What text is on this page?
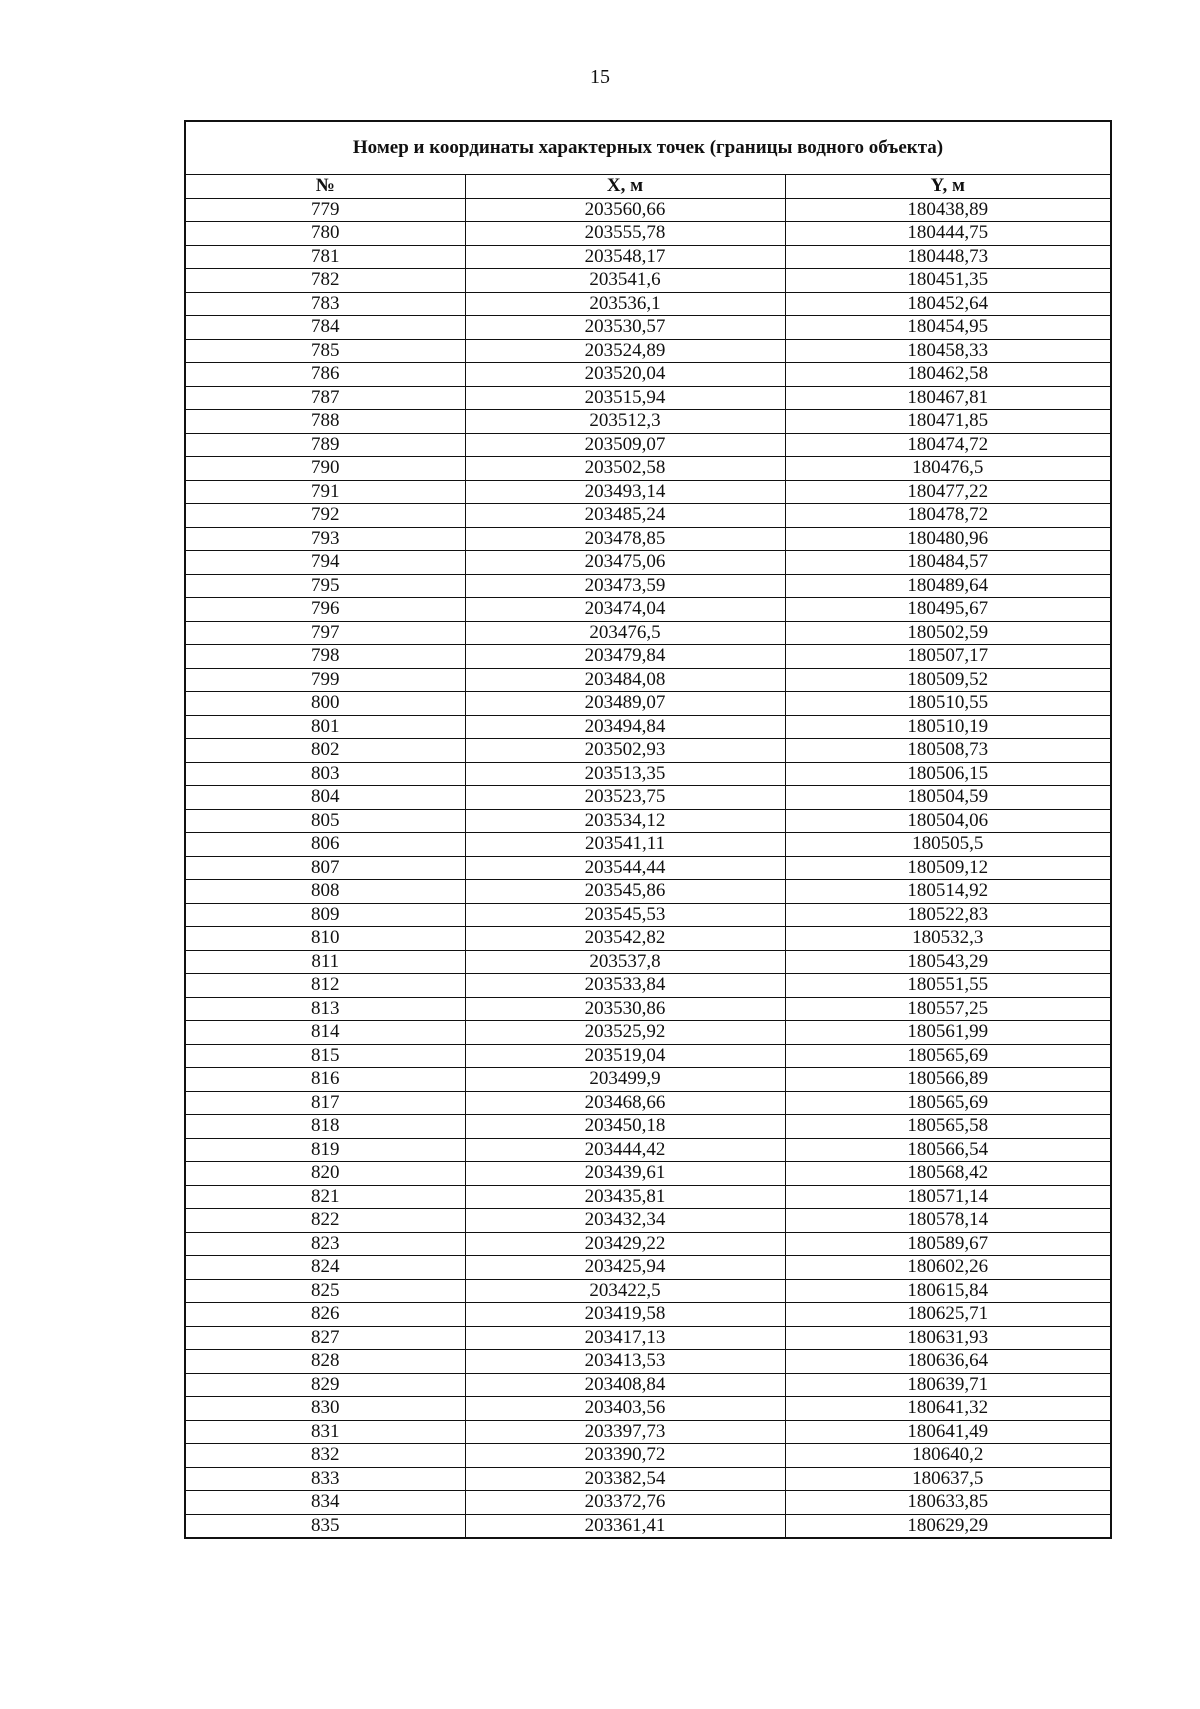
15
Номер и координаты характерных точек (границы водного объекта)		
№	X, м	Y, м
779	203560,66	180438,89
780	203555,78	180444,75
781	203548,17	180448,73
782	203541,6	180451,35
783	203536,1	180452,64
784	203530,57	180454,95
785	203524,89	180458,33
786	203520,04	180462,58
787	203515,94	180467,81
788	203512,3	180471,85
789	203509,07	180474,72
790	203502,58	180476,5
791	203493,14	180477,22
792	203485,24	180478,72
793	203478,85	180480,96
794	203475,06	180484,57
795	203473,59	180489,64
796	203474,04	180495,67
797	203476,5	180502,59
798	203479,84	180507,17
799	203484,08	180509,52
800	203489,07	180510,55
801	203494,84	180510,19
802	203502,93	180508,73
803	203513,35	180506,15
804	203523,75	180504,59
805	203534,12	180504,06
806	203541,11	180505,5
807	203544,44	180509,12
808	203545,86	180514,92
809	203545,53	180522,83
810	203542,82	180532,3
811	203537,8	180543,29
812	203533,84	180551,55
813	203530,86	180557,25
814	203525,92	180561,99
815	203519,04	180565,69
816	203499,9	180566,89
817	203468,66	180565,69
818	203450,18	180565,58
819	203444,42	180566,54
820	203439,61	180568,42
821	203435,81	180571,14
822	203432,34	180578,14
823	203429,22	180589,67
824	203425,94	180602,26
825	203422,5	180615,84
826	203419,58	180625,71
827	203417,13	180631,93
828	203413,53	180636,64
829	203408,84	180639,71
830	203403,56	180641,32
831	203397,73	180641,49
832	203390,72	180640,2
833	203382,54	180637,5
834	203372,76	180633,85
835	203361,41	180629,29
